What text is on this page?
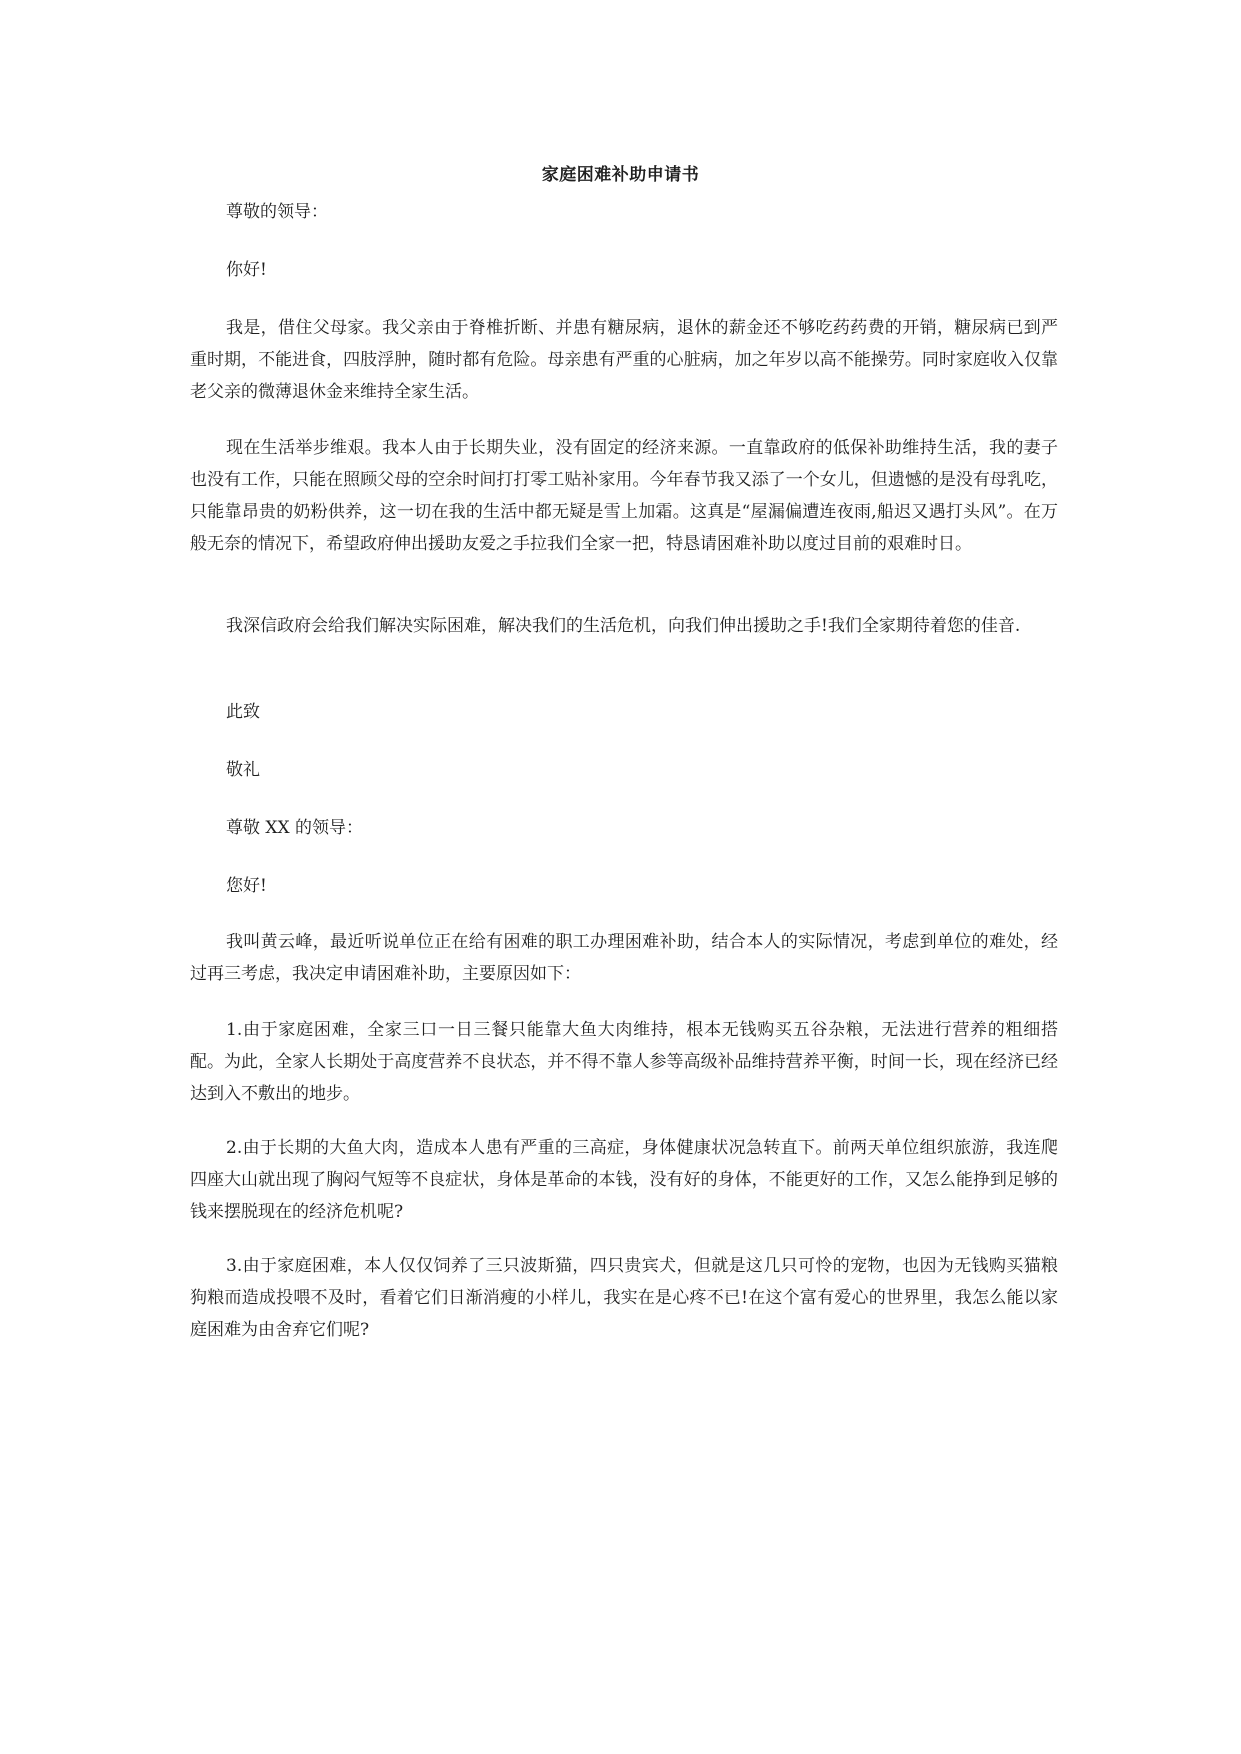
家庭困难补助申请书
尊敬的领导：
你好!
我是，借住父母家。我父亲由于脊椎折断、并患有糖尿病，退休的薪金还不够吃药药费的开销，糖尿病已到严重时期，不能进食，四肢浮肿，随时都有危险。母亲患有严重的心脏病，加之年岁以高不能操劳。同时家庭收入仅靠老父亲的微薄退休金来维持全家生活。
现在生活举步维艰。我本人由于长期失业，没有固定的经济来源。一直靠政府的低保补助维持生活，我的妻子也没有工作，只能在照顾父母的空余时间打打零工贴补家用。今年春节我又添了一个女儿，但遗憾的是没有母乳吃，只能靠昂贵的奶粉供养，这一切在我的生活中都无疑是雪上加霜。这真是“屋漏偏遭连夜雨,船迟又遇打头风”。在万般无奈的情况下，希望政府伸出援助友爱之手拉我们全家一把，特恳请困难补助以度过目前的艰难时日。
我深信政府会给我们解决实际困难，解决我们的生活危机，向我们伸出援助之手!我们全家期待着您的佳音.
此致
敬礼
尊敬 XX 的领导：
您好!
我叫黄云峰，最近听说单位正在给有困难的职工办理困难补助，结合本人的实际情况，考虑到单位的难处，经过再三考虑，我决定申请困难补助，主要原因如下：
1.由于家庭困难，全家三口一日三餐只能靠大鱼大肉维持，根本无钱购买五谷杂粮，无法进行营养的粗细搭配。为此，全家人长期处于高度营养不良状态，并不得不靠人参等高级补品维持营养平衡，时间一长，现在经济已经达到入不敷出的地步。
2.由于长期的大鱼大肉，造成本人患有严重的三高症，身体健康状况急转直下。前两天单位组织旅游，我连爬四座大山就出现了胸闷气短等不良症状，身体是革命的本钱，没有好的身体，不能更好的工作，又怎么能挣到足够的钱来摆脱现在的经济危机呢?
3.由于家庭困难，本人仅仅饲养了三只波斯猫，四只贵宾犬，但就是这几只可怜的宠物，也因为无钱购买猫粮狗粮而造成投喂不及时，看着它们日渐消瘦的小样儿，我实在是心疼不已!在这个富有爱心的世界里，我怎么能以家庭困难为由舍弃它们呢?
